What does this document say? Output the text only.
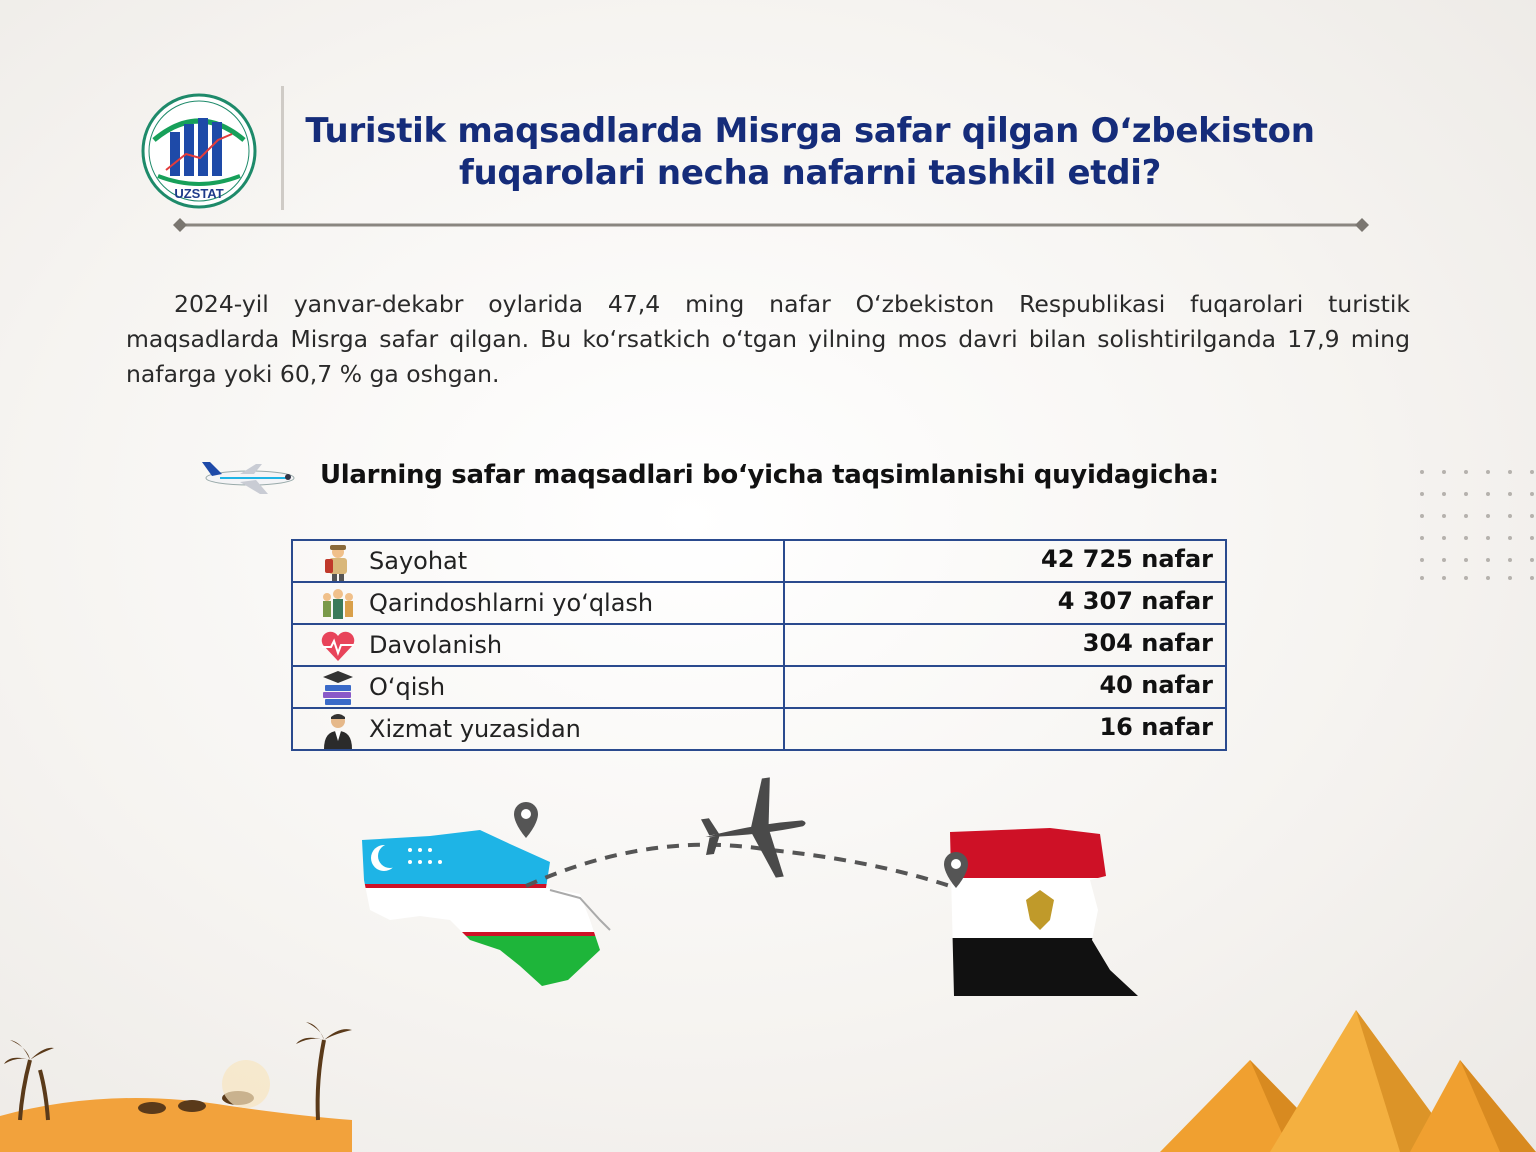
UZSTAT
Turistik maqsadlarda Misrga safar qilgan O‘zbekiston
fuqarolari necha nafarni tashkil etdi?
2024-yil yanvar-dekabr oylarida 47,4 ming nafar O‘zbekiston Respublikasi fuqarolari turistik maqsadlarda Misrga safar qilgan. Bu ko‘rsatkich o‘tgan yilning mos davri bilan solishtirilganda 17,9 ming nafarga yoki 60,7 % ga oshgan.
Ularning safar maqsadlari bo‘yicha taqsimlanishi quyidagicha:
Sayohat	42 725 nafar

Qarindoshlarni yo‘qlash	4 307 nafar

Davolanish	304 nafar

O‘qish	40 nafar

Xizmat yuzasidan	16 nafar
